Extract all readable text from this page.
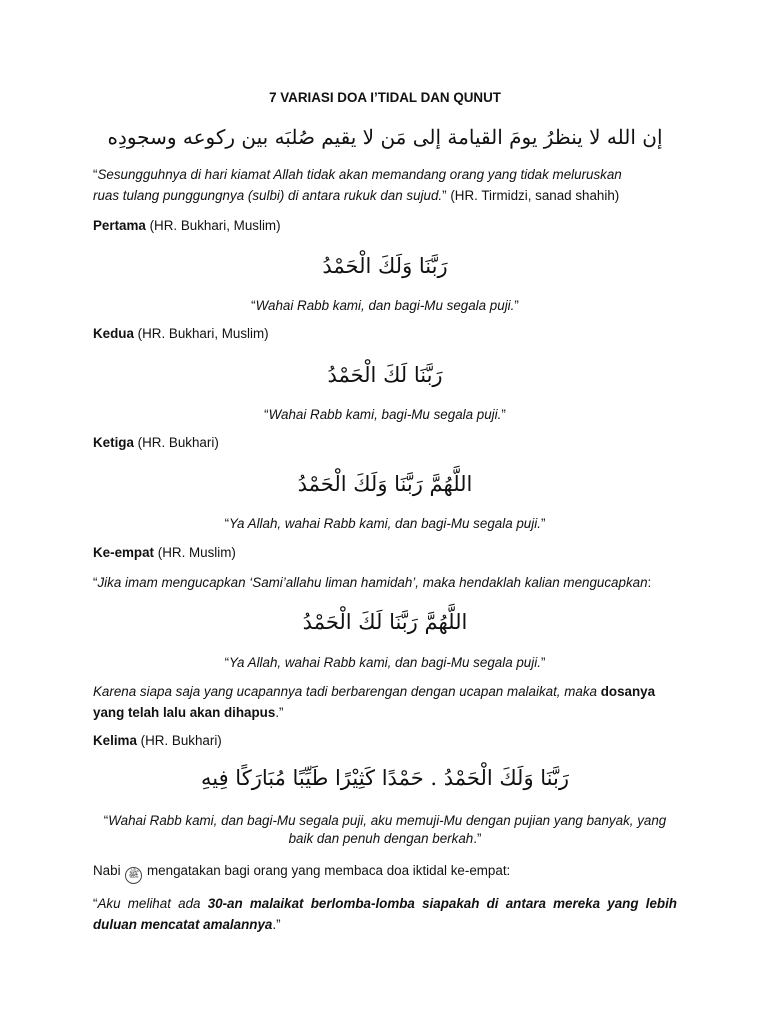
7 VARIASI DOA I’TIDAL DAN QUNUT
إن الله لا ينظرُ يومَ القيامة إلى مَن لا يقيم صُلبَه بين ركوعه وسجودِه
“Sesungguhnya di hari kiamat Allah tidak akan memandang orang yang tidak meluruskan
ruas tulang punggungnya (sulbi) di antara rukuk dan sujud.” (HR. Tirmidzi, sanad shahih)
Pertama (HR. Bukhari, Muslim)
رَبَّنَا وَلَكَ الْحَمْدُ
“Wahai Rabb kami, dan bagi-Mu segala puji.”
Kedua (HR. Bukhari, Muslim)
رَبَّنَا لَكَ الْحَمْدُ
“Wahai Rabb kami, bagi-Mu segala puji.”
Ketiga (HR. Bukhari)
اللَّهُمَّ رَبَّنَا وَلَكَ الْحَمْدُ
“Ya Allah, wahai Rabb kami, dan bagi-Mu segala puji.”
Ke-empat (HR. Muslim)
“Jika imam mengucapkan ‘Sami’allahu liman hamidah’, maka hendaklah kalian mengucapkan:
اللَّهُمَّ رَبَّنَا لَكَ الْحَمْدُ
“Ya Allah, wahai Rabb kami, dan bagi-Mu segala puji.”
Karena siapa saja yang ucapannya tadi berbarengan dengan ucapan malaikat, maka dosanya
yang telah lalu akan dihapus.”
Kelima (HR. Bukhari)
رَبَّنَا وَلَكَ الْحَمْدُ . حَمْدًا كَثِيْرًا طَيِّبًا مُبَارَكًا فِيهِ
“Wahai Rabb kami, dan bagi-Mu segala puji, aku memuji-Mu dengan pujian yang banyak, yang
baik dan penuh dengan berkah.”
Nabi ﷺ mengatakan bagi orang yang membaca doa iktidal ke-empat:
“Aku melihat ada 30-an malaikat berlomba-lomba siapakah di antara mereka yang lebih duluan mencatat amalannya.”
